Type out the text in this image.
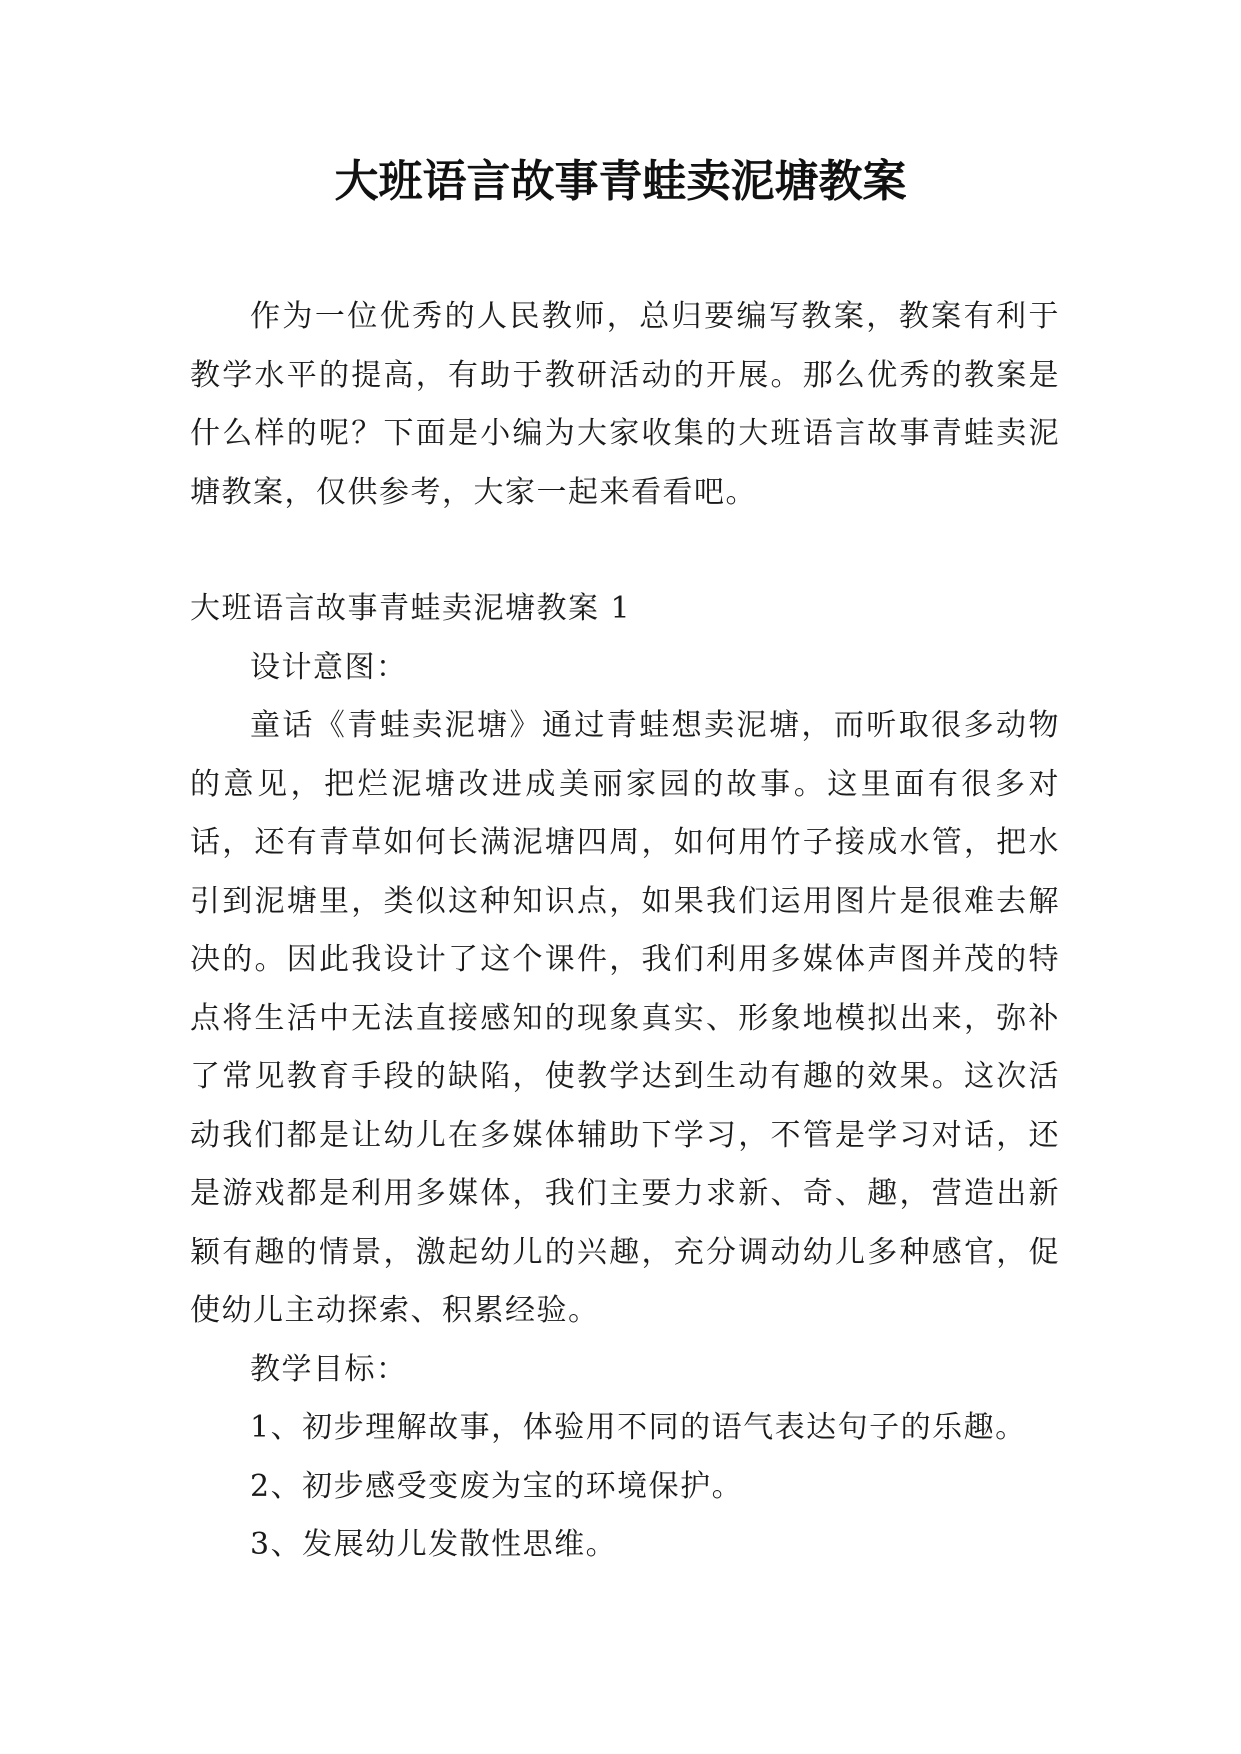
大班语言故事青蛙卖泥塘教案

作为一位优秀的人民教师，总归要编写教案，教案有利于教学水平的提高，有助于教研活动的开展。那么优秀的教案是什么样的呢？下面是小编为大家收集的大班语言故事青蛙卖泥塘教案，仅供参考，大家一起来看看吧。

大班语言故事青蛙卖泥塘教案 1

设计意图：

童话《青蛙卖泥塘》通过青蛙想卖泥塘，而听取很多动物的意见，把烂泥塘改进成美丽家园的故事。这里面有很多对话，还有青草如何长满泥塘四周，如何用竹子接成水管，把水引到泥塘里，类似这种知识点，如果我们运用图片是很难去解决的。因此我设计了这个课件，我们利用多媒体声图并茂的特点将生活中无法直接感知的现象真实、形象地模拟出来，弥补了常见教育手段的缺陷，使教学达到生动有趣的效果。这次活动我们都是让幼儿在多媒体辅助下学习，不管是学习对话，还是游戏都是利用多媒体，我们主要力求新、奇、趣，营造出新颖有趣的情景，激起幼儿的兴趣，充分调动幼儿多种感官，促使幼儿主动探索、积累经验。

教学目标：

1、初步理解故事，体验用不同的语气表达句子的乐趣。

2、初步感受变废为宝的环境保护。

3、发展幼儿发散性思维。
